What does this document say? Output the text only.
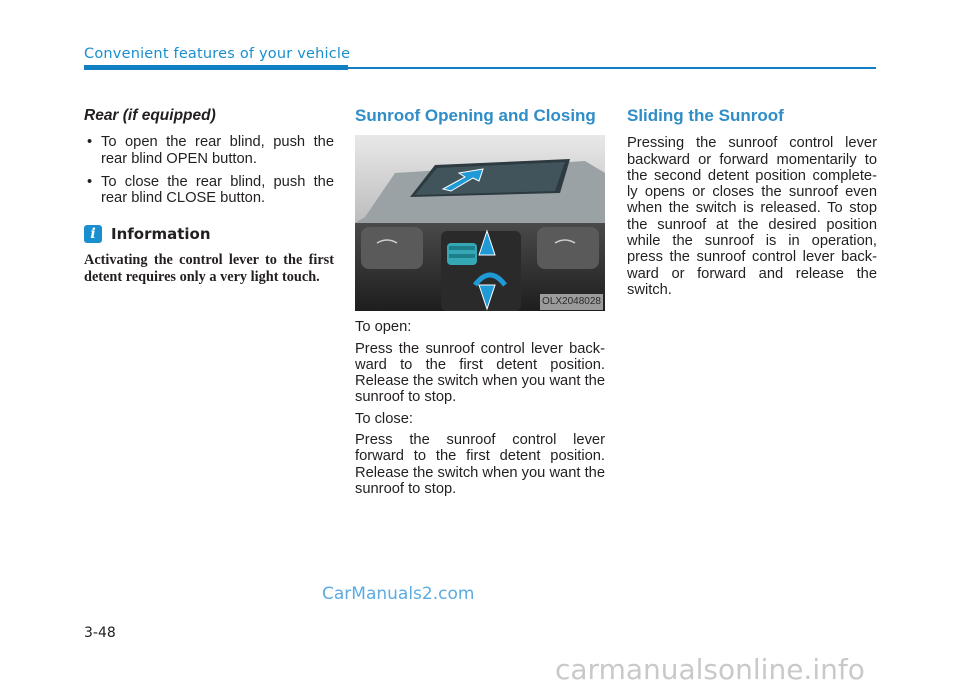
Convenient features of your vehicle
Rear (if equipped)
• To open the rear blind, push the rear blind OPEN button.
• To close the rear blind, push the rear blind CLOSE button.
i	Information
Activating the control lever to the first detent requires only a very light touch.
Sunroof Opening and Closing
OLX2048028

To open:

Press the sunroof control lever back-ward to the first detent position. Release the switch when you want the sunroof to stop.

To close:

Press the sunroof control lever forward to the first detent position. Release the switch when you want the sunroof to stop.

Sliding the Sunroof

Pressing the sunroof control lever backward or forward momentarily to the second detent position complete-ly opens or closes the sunroof even when the switch is released. To stop the sunroof at the desired position while the sunroof is in operation, press the sunroof control lever back-ward or forward and release the switch.

CarManuals2.com
3-48
carmanualsonline.info
